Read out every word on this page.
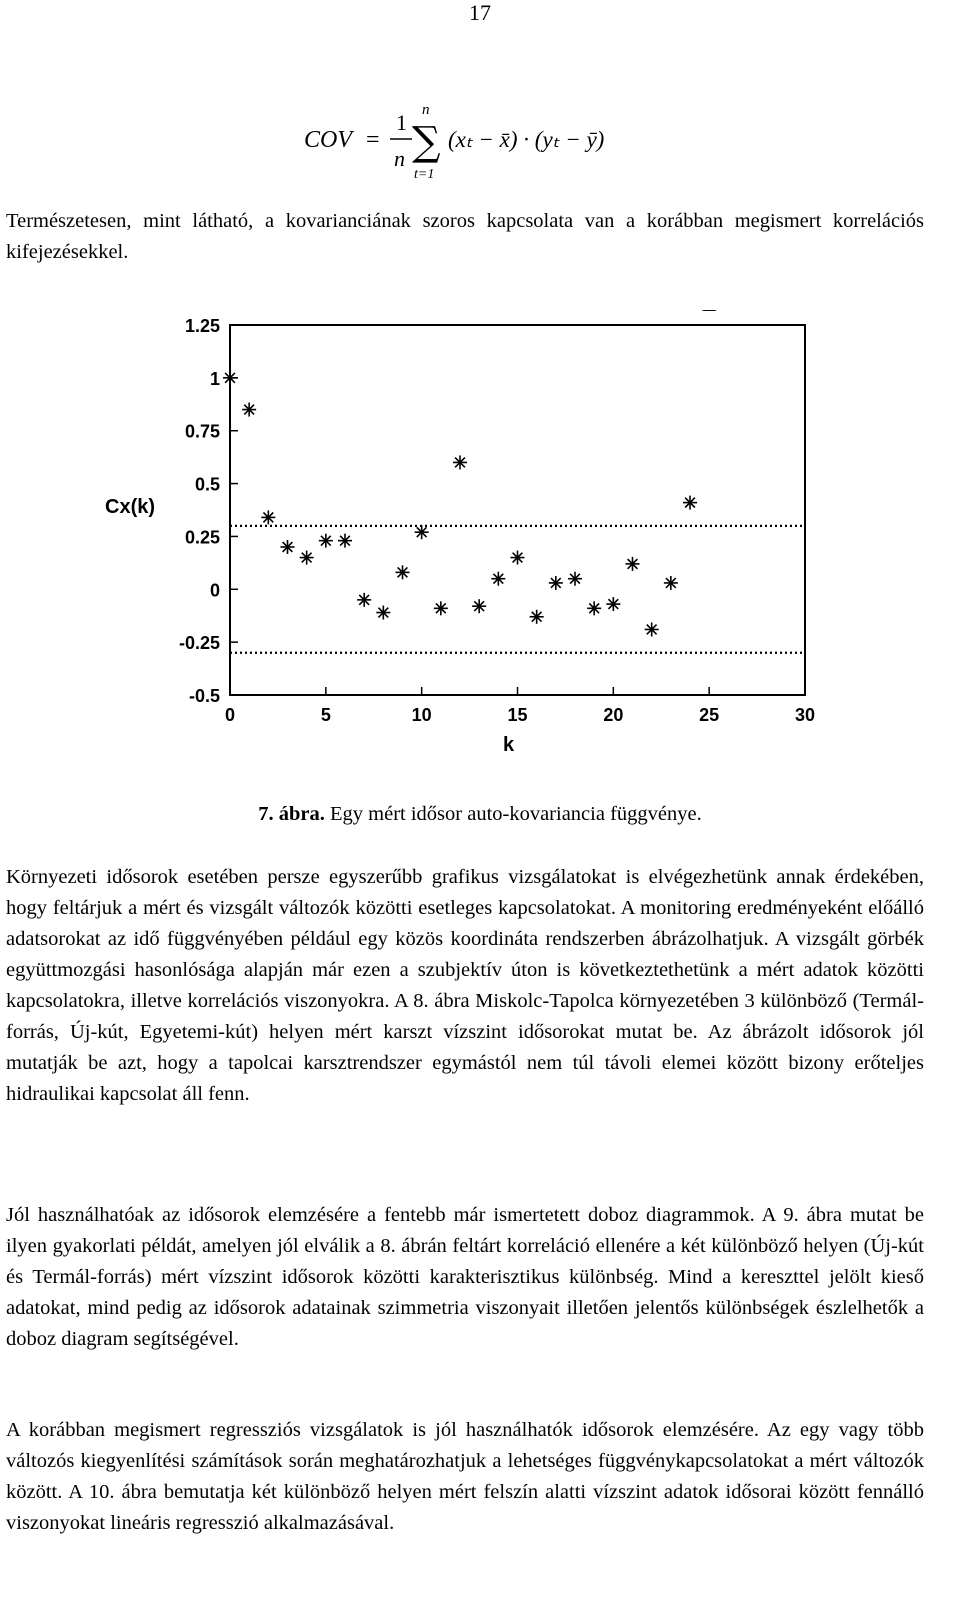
17
COV =
1
n
n
∑
t=1
(xₜ − x̄) · (yₜ − ȳ)

Természetesen, mint látható, a kovarianciának szoros kapcsolata van a korábban megismert korrelációs kifejezésekkel.

1.25
1
0.75
0.5
0.25
0
-0.25
-0.5
0	5	10	15	20	25	30
Cx(k)
k
7. ábra. Egy mért idősor auto-kovariancia függvénye.

Környezeti idősorok esetében persze egyszerűbb grafikus vizsgálatokat is elvégezhetünk annak érdekében, hogy feltárjuk a mért és vizsgált változók közötti esetleges kapcsolatokat. A monitoring eredményeként előálló adatsorokat az idő függvényében például egy közös koordináta rendszerben ábrázolhatjuk. A vizsgált görbék együttmozgási hasonlósága alapján már ezen a szubjektív úton is következtethetünk a mért adatok közötti kapcsolatokra, illetve korrelációs viszonyokra. A 8. ábra Miskolc-Tapolca környezetében 3 különböző (Termál-forrás, Új-kút, Egyetemi-kút) helyen mért karszt vízszint idősorokat mutat be. Az ábrázolt idősorok jól mutatják be azt, hogy a tapolcai karsztrendszer egymástól nem túl távoli elemei között bizony erőteljes hidraulikai kapcsolat áll fenn.

Jól használhatóak az idősorok elemzésére a fentebb már ismertetett doboz diagrammok. A 9. ábra mutat be ilyen gyakorlati példát, amelyen jól elválik a 8. ábrán feltárt korreláció ellenére a két különböző helyen (Új-kút és Termál-forrás) mért vízszint idősorok közötti karakterisztikus különbség. Mind a kereszttel jelölt kieső adatokat, mind pedig az idősorok adatainak szimmetria viszonyait illetően jelentős különbségek észlelhetők a doboz diagram segítségével.

A korábban megismert regressziós vizsgálatok is jól használhatók idősorok elemzésére. Az egy vagy több változós kiegyenlítési számítások során meghatározhatjuk a lehetséges függvénykapcsolatokat a mért változók között. A 10. ábra bemutatja két különböző helyen mért felszín alatti vízszint adatok idősorai között fennálló viszonyokat lineáris regresszió alkalmazásával.
